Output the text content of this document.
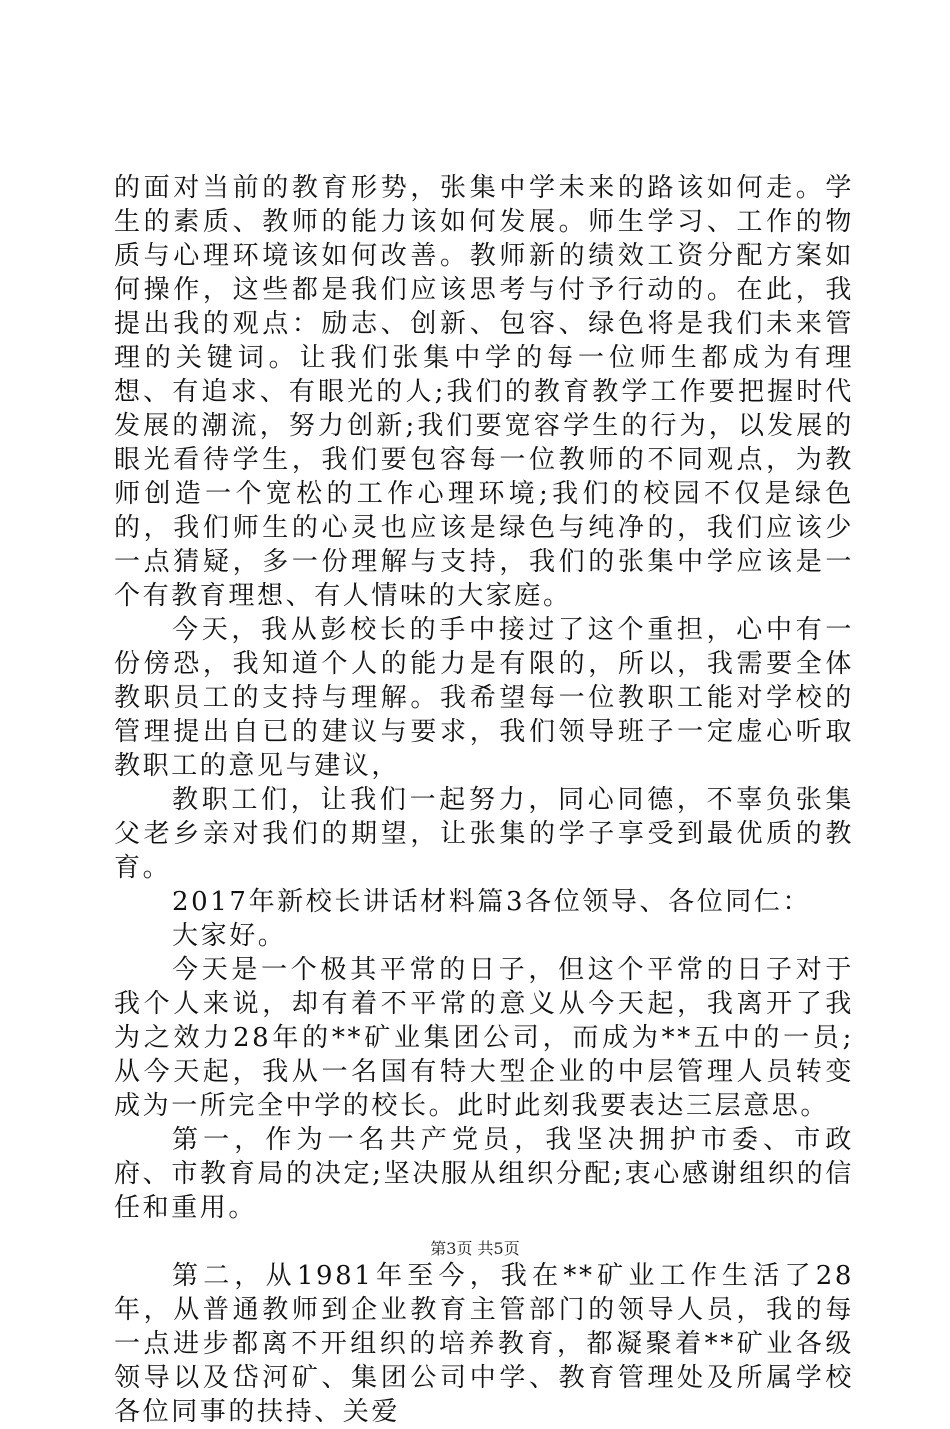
的面对当前的教育形势，张集中学未来的路该如何走。学生的素质、教师的能力该如何发展。师生学习、工作的物质与心理环境该如何改善。教师新的绩效工资分配方案如何操作，这些都是我们应该思考与付予行动的。在此，我提出我的观点：励志、创新、包容、绿色将是我们未来管理的关键词。让我们张集中学的每一位师生都成为有理想、有追求、有眼光的人;我们的教育教学工作要把握时代发展的潮流，努力创新;我们要宽容学生的行为，以发展的眼光看待学生，我们要包容每一位教师的不同观点，为教师创造一个宽松的工作心理环境;我们的校园不仅是绿色的，我们师生的心灵也应该是绿色与纯净的，我们应该少一点猜疑，多一份理解与支持，我们的张集中学应该是一个有教育理想、有人情味的大家庭。

今天，我从彭校长的手中接过了这个重担，心中有一份傍恐，我知道个人的能力是有限的，所以，我需要全体教职员工的支持与理解。我希望每一位教职工能对学校的管理提出自已的建议与要求，我们领导班子一定虚心听取教职工的意见与建议，

教职工们，让我们一起努力，同心同德，不辜负张集父老乡亲对我们的期望，让张集的学子享受到最优质的教育。

2017年新校长讲话材料篇3各位领导、各位同仁：

大家好。

今天是一个极其平常的日子，但这个平常的日子对于我个人来说，却有着不平常的意义从今天起，我离开了我为之效力28年的**矿业集团公司，而成为**五中的一员;从今天起，我从一名国有特大型企业的中层管理人员转变成为一所完全中学的校长。此时此刻我要表达三层意思。

第一，作为一名共产党员，我坚决拥护市委、市政府、市教育局的决定;坚决服从组织分配;衷心感谢组织的信任和重用。

第二，从1981年至今，我在**矿业工作生活了28年，从普通教师到企业教育主管部门的领导人员，我的每一点进步都离不开组织的培养教育，都凝聚着**矿业各级领导以及岱河矿、集团公司中学、教育管理处及所属学校各位同事的扶持、关爱

第3页 共5页
